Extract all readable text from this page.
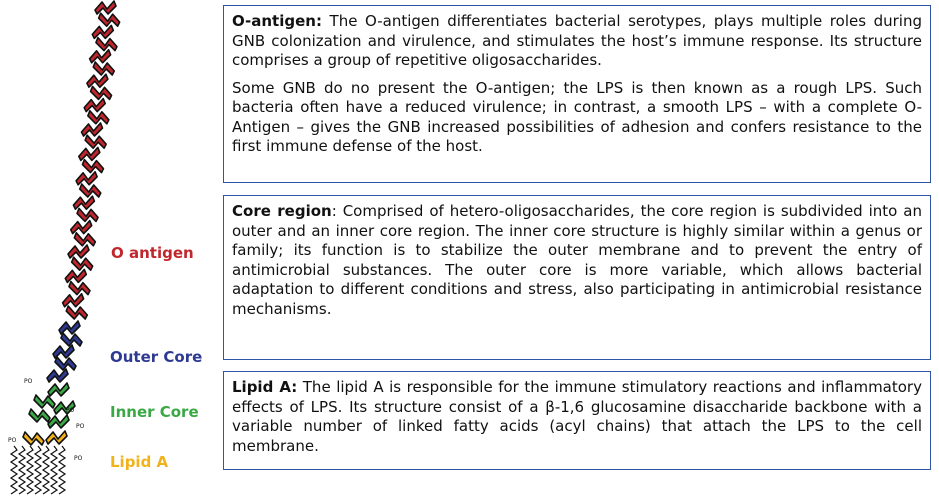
PO
PO
PO
PO
PO
O antigen
Outer Core
Inner Core
Lipid A

O-antigen: The O-antigen differentiates bacterial serotypes, plays multiple roles during GNB colonization and virulence, and stimulates the host’s immune response. Its structure comprises a group of repetitive oligosaccharides.

Some GNB do no present the O-antigen; the LPS is then known as a rough LPS. Such bacteria often have a reduced virulence; in contrast, a smooth LPS – with a complete O-Antigen – gives the GNB increased possibilities of adhesion and confers resistance to the first immune defense of the host.

Core region: Comprised of hetero-oligosaccharides, the core region is subdivided into an outer and an inner core region. The inner core structure is highly similar within a genus or family; its function is to stabilize the outer membrane and to prevent the entry of antimicrobial substances. The outer core is more variable, which allows bacterial adaptation to different conditions and stress, also participating in antimicrobial resistance mechanisms.

Lipid A: The lipid A is responsible for the immune stimulatory reactions and inflammatory effects of LPS. Its structure consist of a β-1,6 glucosamine disaccharide backbone with a variable number of linked fatty acids (acyl chains) that attach the LPS to the cell membrane.
